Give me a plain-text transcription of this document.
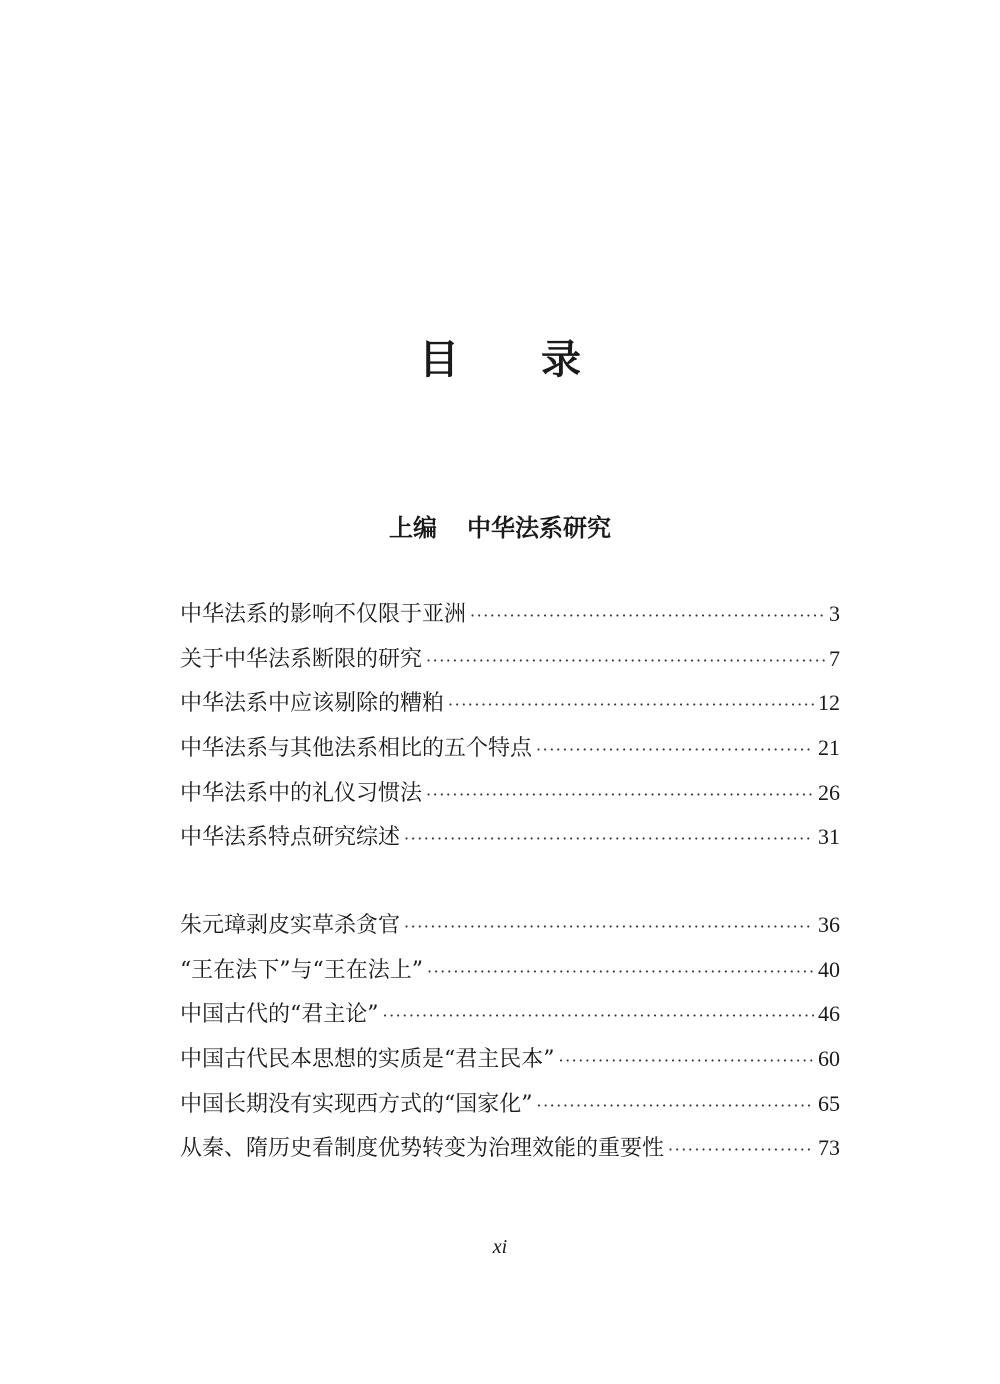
目 录
上编 中华法系研究
中华法系的影响不仅限于亚洲 ·····	3
关于中华法系断限的研究 ·····	7
中华法系中应该剔除的糟粕 ·····	12
中华法系与其他法系相比的五个特点 ·····	21
中华法系中的礼仪习惯法 ·····	26
中华法系特点研究综述 ·····	31
朱元璋剥皮实草杀贪官 ·····	36
“王在法下”与“王在法上” ·····	40
中国古代的“君主论” ·····	46
中国古代民本思想的实质是“君主民本” ·····	60
中国长期没有实现西方式的“国家化” ·····	65
从秦、隋历史看制度优势转变为治理效能的重要性 ·····	73
xi
